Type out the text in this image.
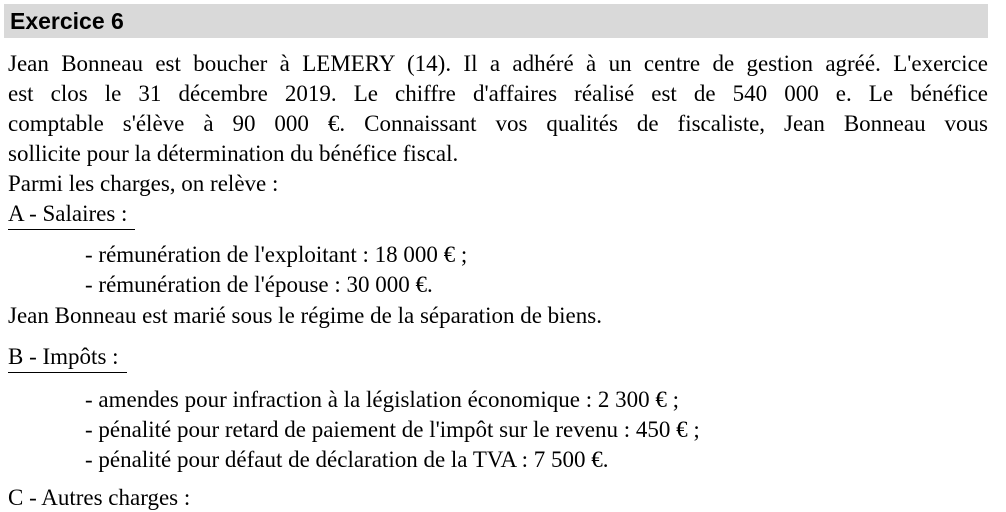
Exercice 6
Jean Bonneau est boucher à LEMERY (14). Il a adhéré à un centre de gestion agréé. L'exercice
est clos le 31 décembre 2019. Le chiffre d'affaires réalisé est de 540 000 e. Le bénéfice
comptable s'élève à 90 000 €. Connaissant vos qualités de fiscaliste, Jean Bonneau vous
sollicite pour la détermination du bénéfice fiscal.
Parmi les charges, on relève :
A - Salaires :
- rémunération de l'exploitant : 18 000 € ;
- rémunération de l'épouse : 30 000 €.
Jean Bonneau est marié sous le régime de la séparation de biens.
B - Impôts :
- amendes pour infraction à la législation économique : 2 300 € ;
- pénalité pour retard de paiement de l'impôt sur le revenu : 450 € ;
- pénalité pour défaut de déclaration de la TVA : 7 500 €.
C - Autres charges :
